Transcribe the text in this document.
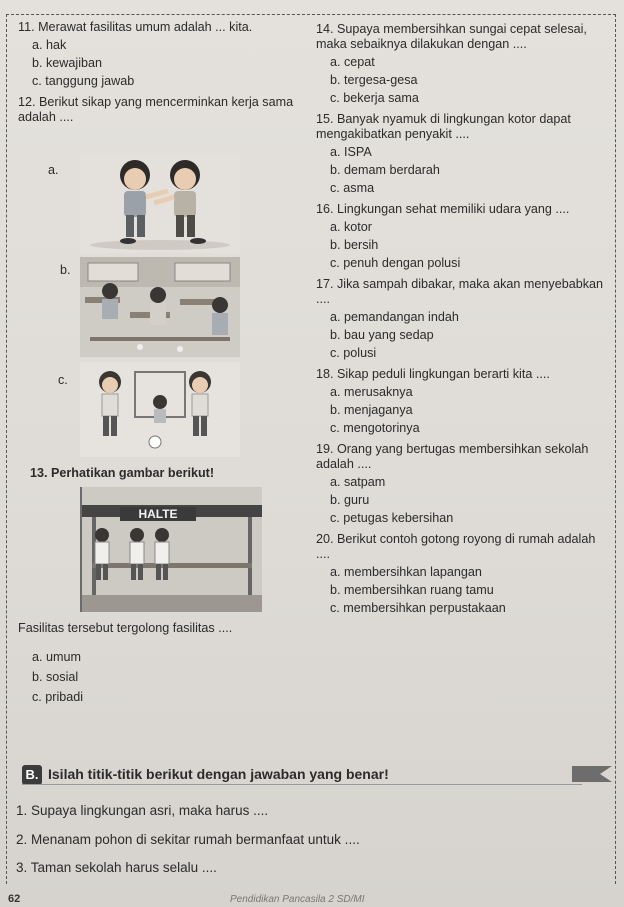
11. Merawat fasilitas umum adalah ... kita.

a. hak
b. kewajiban
c. tanggung jawab

12. Berikut sikap yang mencerminkan kerja sama adalah ....

a.
b.
c.
13. Perhatikan gambar berikut!
HALTE
Fasilitas tersebut tergolong fasilitas ....
a. umum
b. sosial
c. pribadi

14. Supaya membersihkan sungai cepat selesai, maka sebaiknya dilakukan dengan ....

a. cepat
b. tergesa-gesa
c. bekerja sama

15. Banyak nyamuk di lingkungan kotor dapat mengakibatkan penyakit ....

a. ISPA
b. demam berdarah
c. asma

16. Lingkungan sehat memiliki udara yang ....

a. kotor
b. bersih
c. penuh dengan polusi

17. Jika sampah dibakar, maka akan menyebabkan ....

a. pemandangan indah
b. bau yang sedap
c. polusi

18. Sikap peduli lingkungan berarti kita ....

a. merusaknya
b. menjaganya
c. mengotorinya

19. Orang yang bertugas membersihkan sekolah adalah ....

a. satpam
b. guru
c. petugas kebersihan

20. Berikut contoh gotong royong di rumah adalah ....

a. membersihkan lapangan
b. membersihkan ruang tamu
c. membersihkan perpustakaan
B. Isilah titik-titik berikut dengan jawaban yang benar!
1. Supaya lingkungan asri, maka harus ....
2. Menanam pohon di sekitar rumah bermanfaat untuk ....
3. Taman sekolah harus selalu ....
62	Pendidikan Pancasila 2 SD/MI
